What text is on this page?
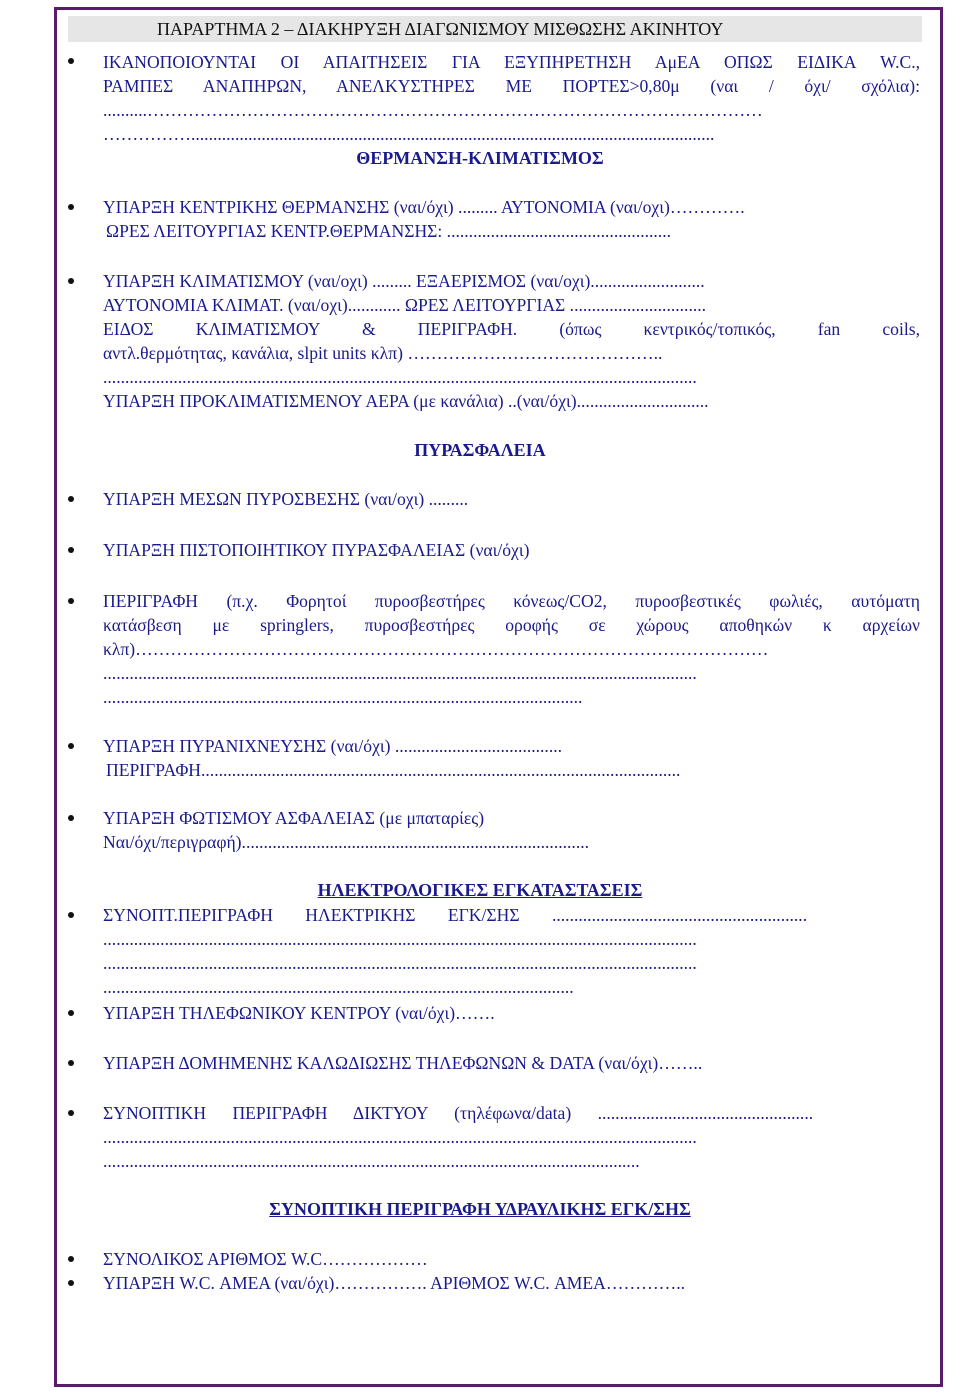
ΠΑΡΑΡΤΗΜΑ 2 – ΔΙΑΚΗΡΥΞΗ ΔΙΑΓΩΝΙΣΜΟΥ ΜΙΣΘΩΣΗΣ ΑΚΙΝΗΤΟΥ
ΙΚΑΝΟΠΟΙΟΥΝΤΑΙ ΟΙ ΑΠΑΙΤΗΣΕΙΣ ΓΙΑ ΕΞΥΠΗΡΕΤΗΣΗ ΑμΕΑ ΟΠΩΣ ΕΙΔΙΚΑ W.C.,
ΡΑΜΠΕΣ ΑΝΑΠΗΡΩΝ, ΑΝΕΛΚΥΣΤΗΡΕΣ ΜΕ ΠΟΡΤΕΣ>0,80μ (ναι / όχι/ σχόλια):
..........……………………………………………………………………………………………
…………….......................................................................................................................
ΘΕΡΜΑΝΣΗ-ΚΛΙΜΑΤΙΣΜΟΣ
ΥΠΑΡΞΗ ΚΕΝΤΡΙΚΗΣ ΘΕΡΜΑΝΣΗΣ (ναι/όχι) ......... ΑΥΤΟΝΟΜΙΑ (ναι/οχι)………….
ΩΡΕΣ ΛΕΙΤΟΥΡΓΙΑΣ ΚΕΝΤΡ.ΘΕΡΜΑΝΣΗΣ: ...................................................
ΥΠΑΡΞΗ ΚΛΙΜΑΤΙΣΜΟΥ (ναι/οχι) ......... ΕΞΑΕΡΙΣΜΟΣ (ναι/οχι)..........................
ΑΥΤΟΝΟΜΙΑ ΚΛΙΜΑΤ. (ναι/οχι)............ ΩΡΕΣ ΛΕΙΤΟΥΡΓΙΑΣ ...............................
ΕΙΔΟΣ ΚΛΙΜΑΤΙΣΜΟΥ & ΠΕΡΙΓΡΑΦΗ. (όπως κεντρικός/τοπικός, fan coils,
αντλ.θερμότητας, κανάλια, slpit units κλπ) ……………………………………..
.......................................................................................................................................
ΥΠΑΡΞΗ ΠΡΟΚΛΙΜΑΤΙΣΜΕΝΟΥ ΑΕΡΑ (με κανάλια) ..(ναι/όχι)..............................
ΠΥΡΑΣΦΑΛΕΙΑ
ΥΠΑΡΞΗ ΜΕΣΩΝ ΠΥΡΟΣΒΕΣΗΣ (ναι/οχι) .........
ΥΠΑΡΞΗ ΠΙΣΤΟΠΟΙΗΤΙΚΟΥ ΠΥΡΑΣΦΑΛΕΙΑΣ (ναι/όχι)
ΠΕΡΙΓΡΑΦΗ (π.χ. Φορητοί πυροσβεστήρες κόνεως/CO2, πυροσβεστικές φωλιές, αυτόματη
κατάσβεση με springlers, πυροσβεστήρες οροφής σε χώρους αποθηκών κ αρχείων
κλπ)………………………………………………………………………………………………
.......................................................................................................................................
.............................................................................................................
ΥΠΑΡΞΗ ΠΥΡΑΝΙΧΝΕΥΣΗΣ (ναι/όχι) ......................................
ΠΕΡΙΓΡΑΦΗ.............................................................................................................
ΥΠΑΡΞΗ ΦΩΤΙΣΜΟΥ ΑΣΦΑΛΕΙΑΣ (με μπαταρίες)
Ναι/όχι/περιγραφή)...............................................................................
ΗΛΕΚΤΡΟΛΟΓΙΚΕΣ ΕΓΚΑΤΑΣΤΑΣΕΙΣ
ΣΥΝΟΠΤ.ΠΕΡΙΓΡΑΦΗ ΗΛΕΚΤΡΙΚΗΣ ΕΓΚ/ΣΗΣ ..........................................................
.......................................................................................................................................
.......................................................................................................................................
...........................................................................................................
ΥΠΑΡΞΗ ΤΗΛΕΦΩΝΙΚΟΥ ΚΕΝΤΡΟΥ (ναι/όχι)…….
ΥΠΑΡΞΗ ΔΟΜΗΜΕΝΗΣ ΚΑΛΩΔΙΩΣΗΣ ΤΗΛΕΦΩΝΩΝ & DATA (ναι/όχι)……..
ΣΥΝΟΠΤΙΚΗ ΠΕΡΙΓΡΑΦΗ ΔΙΚΤΥΟΥ (τηλέφωνα/data) .................................................
.......................................................................................................................................
..........................................................................................................................
ΣΥΝΟΠΤΙΚΗ ΠΕΡΙΓΡΑΦΗ ΥΔΡΑΥΛΙΚΗΣ ΕΓΚ/ΣΗΣ
ΣΥΝΟΛΙΚΟΣ ΑΡΙΘΜΟΣ W.C………………
ΥΠΑΡΞΗ W.C. ΑΜΕΑ (ναι/όχι)……………. ΑΡΙΘΜΟΣ W.C. ΑΜΕΑ…………..
